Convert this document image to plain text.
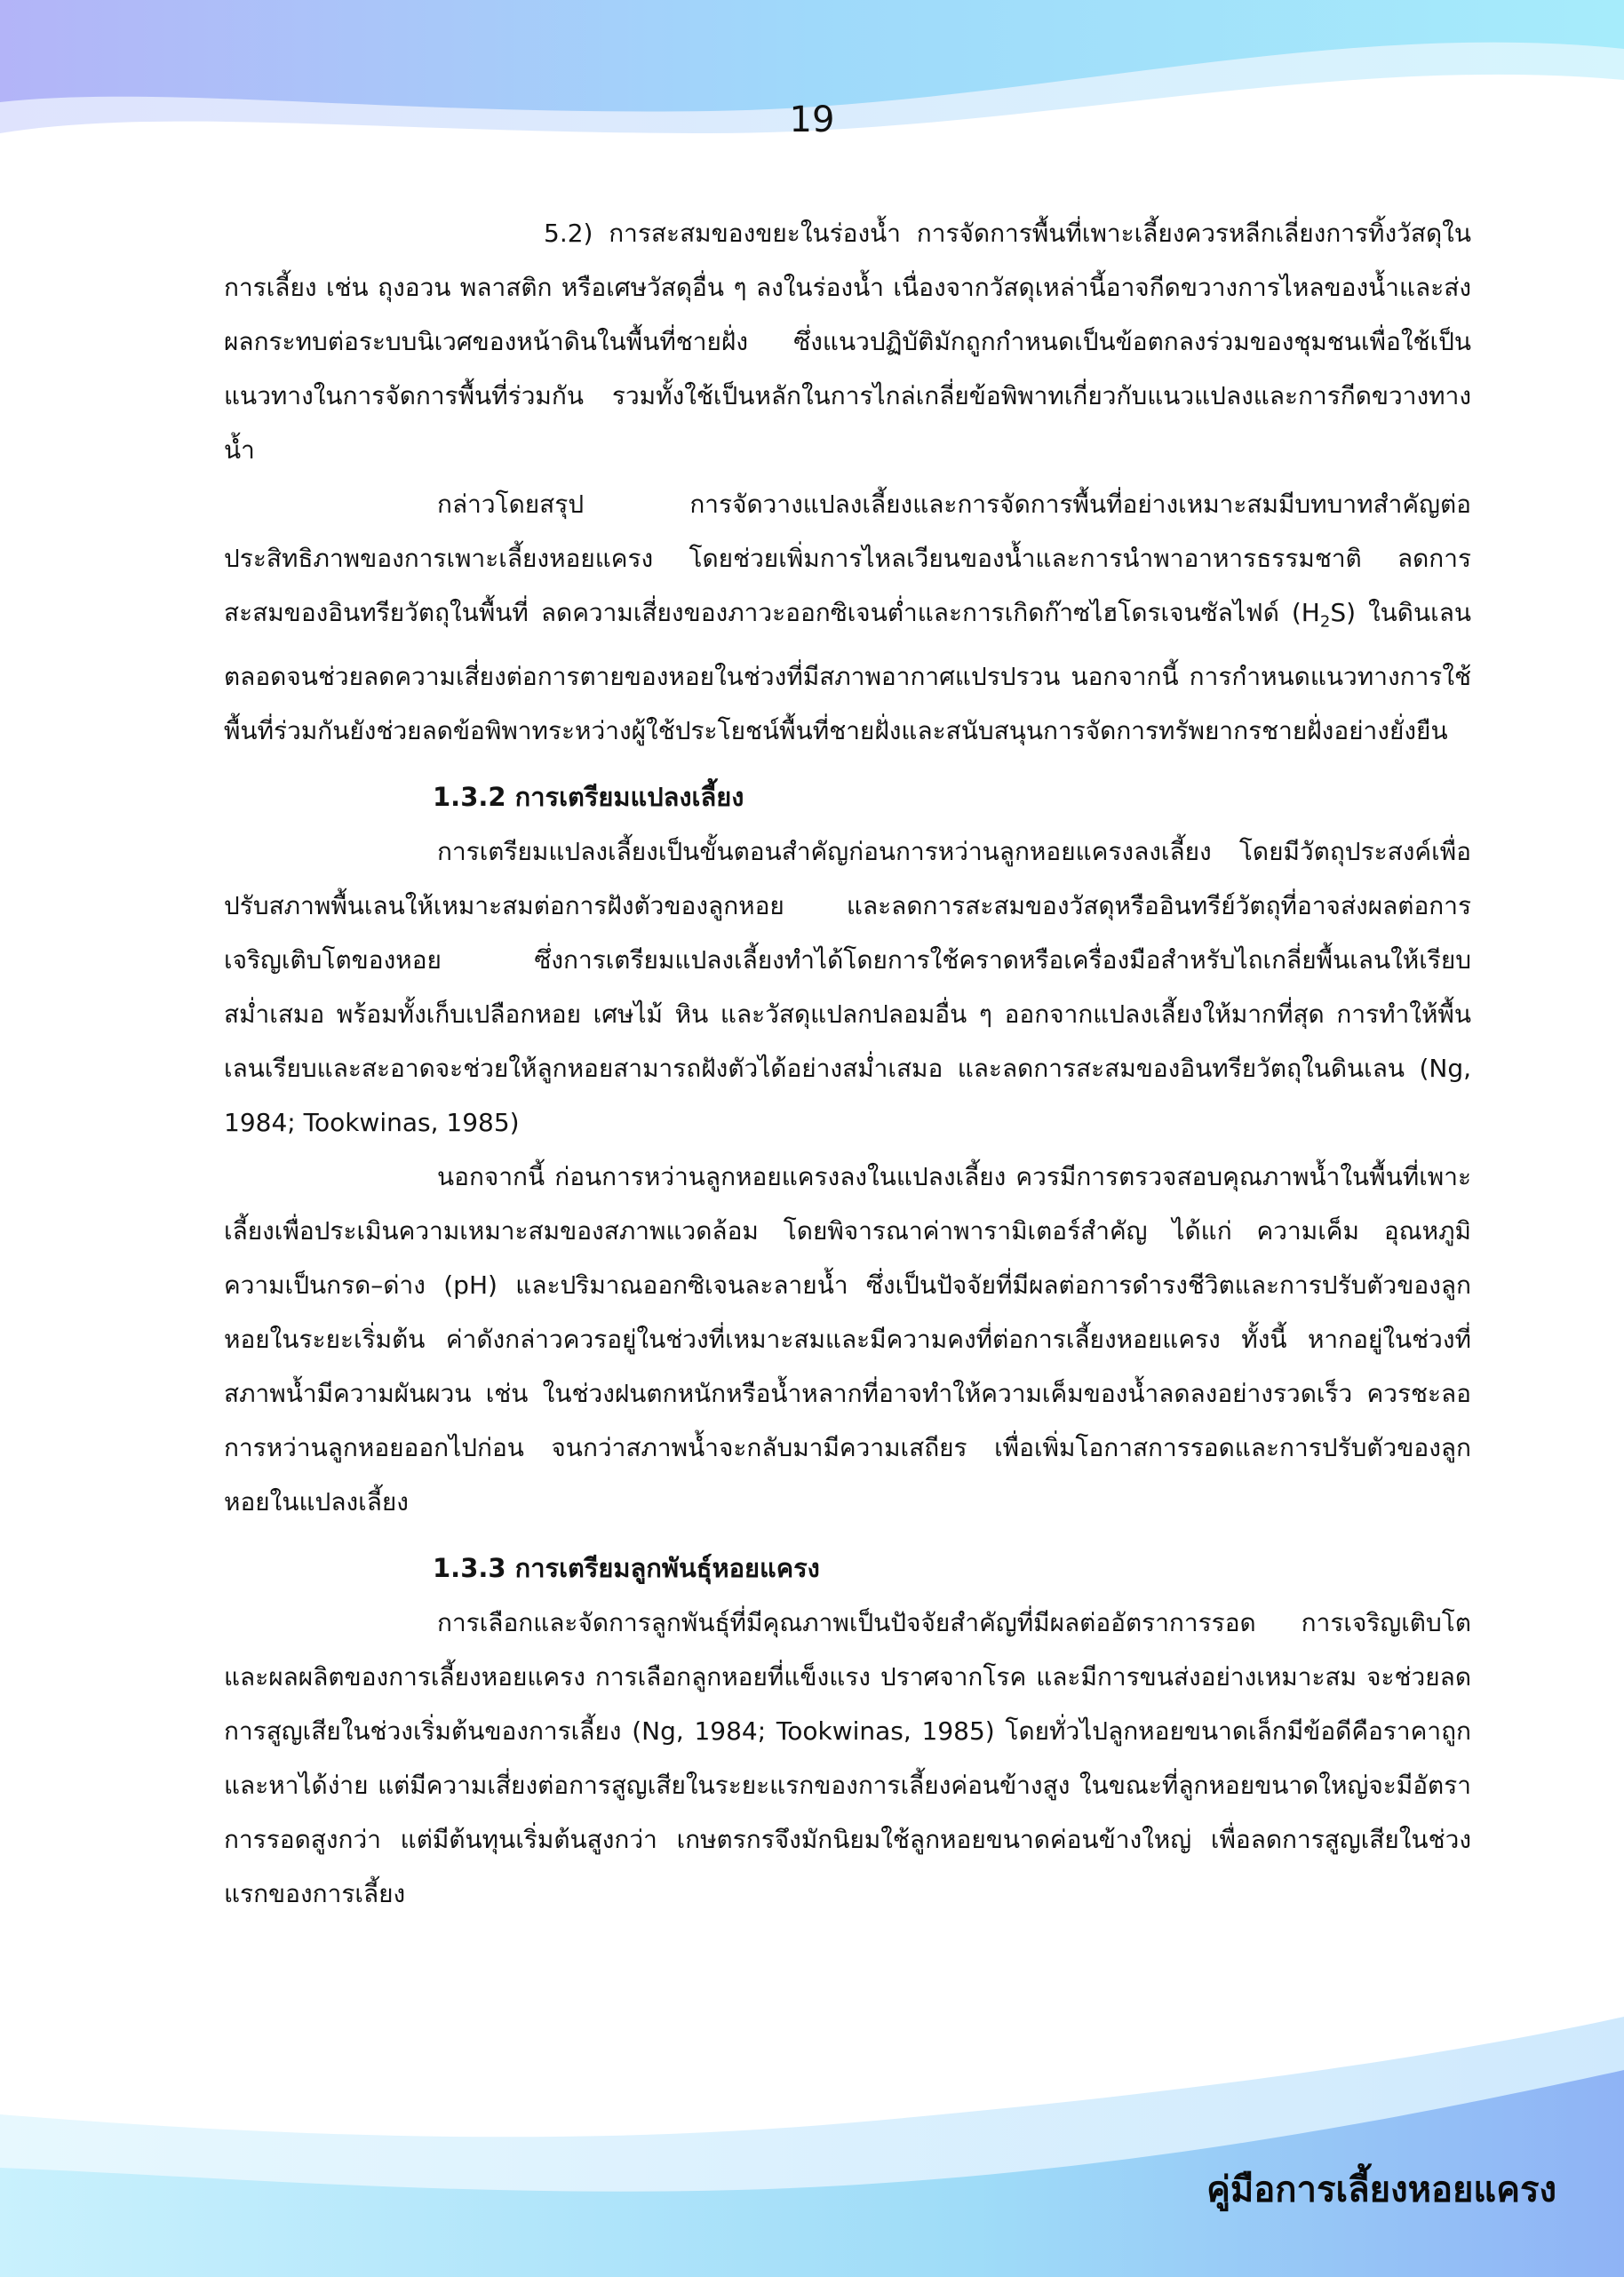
19

5.2) การสะสมของขยะในร่องน้ำ การจัดการพื้นที่เพาะเลี้ยงควรหลีกเลี่ยงการทิ้งวัสดุในการเลี้ยง เช่น ถุงอวน พลาสติก หรือเศษวัสดุอื่น ๆ ลงในร่องน้ำ เนื่องจากวัสดุเหล่านี้อาจกีดขวางการไหลของน้ำและส่งผลกระทบต่อระบบนิเวศของหน้าดินในพื้นที่ชายฝั่ง ซึ่งแนวปฏิบัติมักถูกกำหนดเป็นข้อตกลงร่วมของชุมชนเพื่อใช้เป็นแนวทางในการจัดการพื้นที่ร่วมกัน รวมทั้งใช้เป็นหลักในการไกล่เกลี่ยข้อพิพาทเกี่ยวกับแนวแปลงและการกีดขวางทางน้ำ

กล่าวโดยสรุป การจัดวางแปลงเลี้ยงและการจัดการพื้นที่อย่างเหมาะสมมีบทบาทสำคัญต่อประสิทธิภาพของการเพาะเลี้ยงหอยแครง โดยช่วยเพิ่มการไหลเวียนของน้ำและการนำพาอาหารธรรมชาติ ลดการสะสมของอินทรียวัตถุในพื้นที่ ลดความเสี่ยงของภาวะออกซิเจนต่ำและการเกิดก๊าซไฮโดรเจนซัลไฟด์ $(H_2S)$ ในดินเลน ตลอดจนช่วยลดความเสี่ยงต่อการตายของหอยในช่วงที่มีสภาพอากาศแปรปรวน นอกจากนี้ การกำหนดแนวทางการใช้พื้นที่ร่วมกันยังช่วยลดข้อพิพาทระหว่างผู้ใช้ประโยชน์พื้นที่ชายฝั่งและสนับสนุนการจัดการทรัพยากรชายฝั่งอย่างยั่งยืน

1.3.2 การเตรียมแปลงเลี้ยง

การเตรียมแปลงเลี้ยงเป็นขั้นตอนสำคัญก่อนการหว่านลูกหอยแครงลงเลี้ยง โดยมีวัตถุประสงค์เพื่อปรับสภาพพื้นเลนให้เหมาะสมต่อการฝังตัวของลูกหอย และลดการสะสมของวัสดุหรืออินทรีย์วัตถุที่อาจส่งผลต่อการเจริญเติบโตของหอย ซึ่งการเตรียมแปลงเลี้ยงทำได้โดยการใช้คราดหรือเครื่องมือสำหรับไถเกลี่ยพื้นเลนให้เรียบสม่ำเสมอ พร้อมทั้งเก็บเปลือกหอย เศษไม้ หิน และวัสดุแปลกปลอมอื่น ๆ ออกจากแปลงเลี้ยงให้มากที่สุด การทำให้พื้นเลนเรียบและสะอาดจะช่วยให้ลูกหอยสามารถฝังตัวได้อย่างสม่ำเสมอ และลดการสะสมของอินทรียวัตถุในดินเลน (Ng, 1984; Tookwinas, 1985)

นอกจากนี้ ก่อนการหว่านลูกหอยแครงลงในแปลงเลี้ยง ควรมีการตรวจสอบคุณภาพน้ำในพื้นที่เพาะเลี้ยงเพื่อประเมินความเหมาะสมของสภาพแวดล้อม โดยพิจารณาค่าพารามิเตอร์สำคัญ ได้แก่ ความเค็ม อุณหภูมิ ความเป็นกรด–ด่าง (pH) และปริมาณออกซิเจนละลายน้ำ ซึ่งเป็นปัจจัยที่มีผลต่อการดำรงชีวิตและการปรับตัวของลูกหอยในระยะเริ่มต้น ค่าดังกล่าวควรอยู่ในช่วงที่เหมาะสมและมีความคงที่ต่อการเลี้ยงหอยแครง ทั้งนี้ หากอยู่ในช่วงที่สภาพน้ำมีความผันผวน เช่น ในช่วงฝนตกหนักหรือน้ำหลากที่อาจทำให้ความเค็มของน้ำลดลงอย่างรวดเร็ว ควรชะลอการหว่านลูกหอยออกไปก่อน จนกว่าสภาพน้ำจะกลับมามีความเสถียร เพื่อเพิ่มโอกาสการรอดและการปรับตัวของลูกหอยในแปลงเลี้ยง

1.3.3 การเตรียมลูกพันธุ์หอยแครง

การเลือกและจัดการลูกพันธุ์ที่มีคุณภาพเป็นปัจจัยสำคัญที่มีผลต่ออัตราการรอด การเจริญเติบโต และผลผลิตของการเลี้ยงหอยแครง การเลือกลูกหอยที่แข็งแรง ปราศจากโรค และมีการขนส่งอย่างเหมาะสม จะช่วยลดการสูญเสียในช่วงเริ่มต้นของการเลี้ยง (Ng, 1984; Tookwinas, 1985) โดยทั่วไปลูกหอยขนาดเล็กมีข้อดีคือราคาถูกและหาได้ง่าย แต่มีความเสี่ยงต่อการสูญเสียในระยะแรกของการเลี้ยงค่อนข้างสูง ในขณะที่ลูกหอยขนาดใหญ่จะมีอัตราการรอดสูงกว่า แต่มีต้นทุนเริ่มต้นสูงกว่า เกษตรกรจึงมักนิยมใช้ลูกหอยขนาดค่อนข้างใหญ่ เพื่อลดการสูญเสียในช่วงแรกของการเลี้ยง

คู่มือการเลี้ยงหอยแครง
